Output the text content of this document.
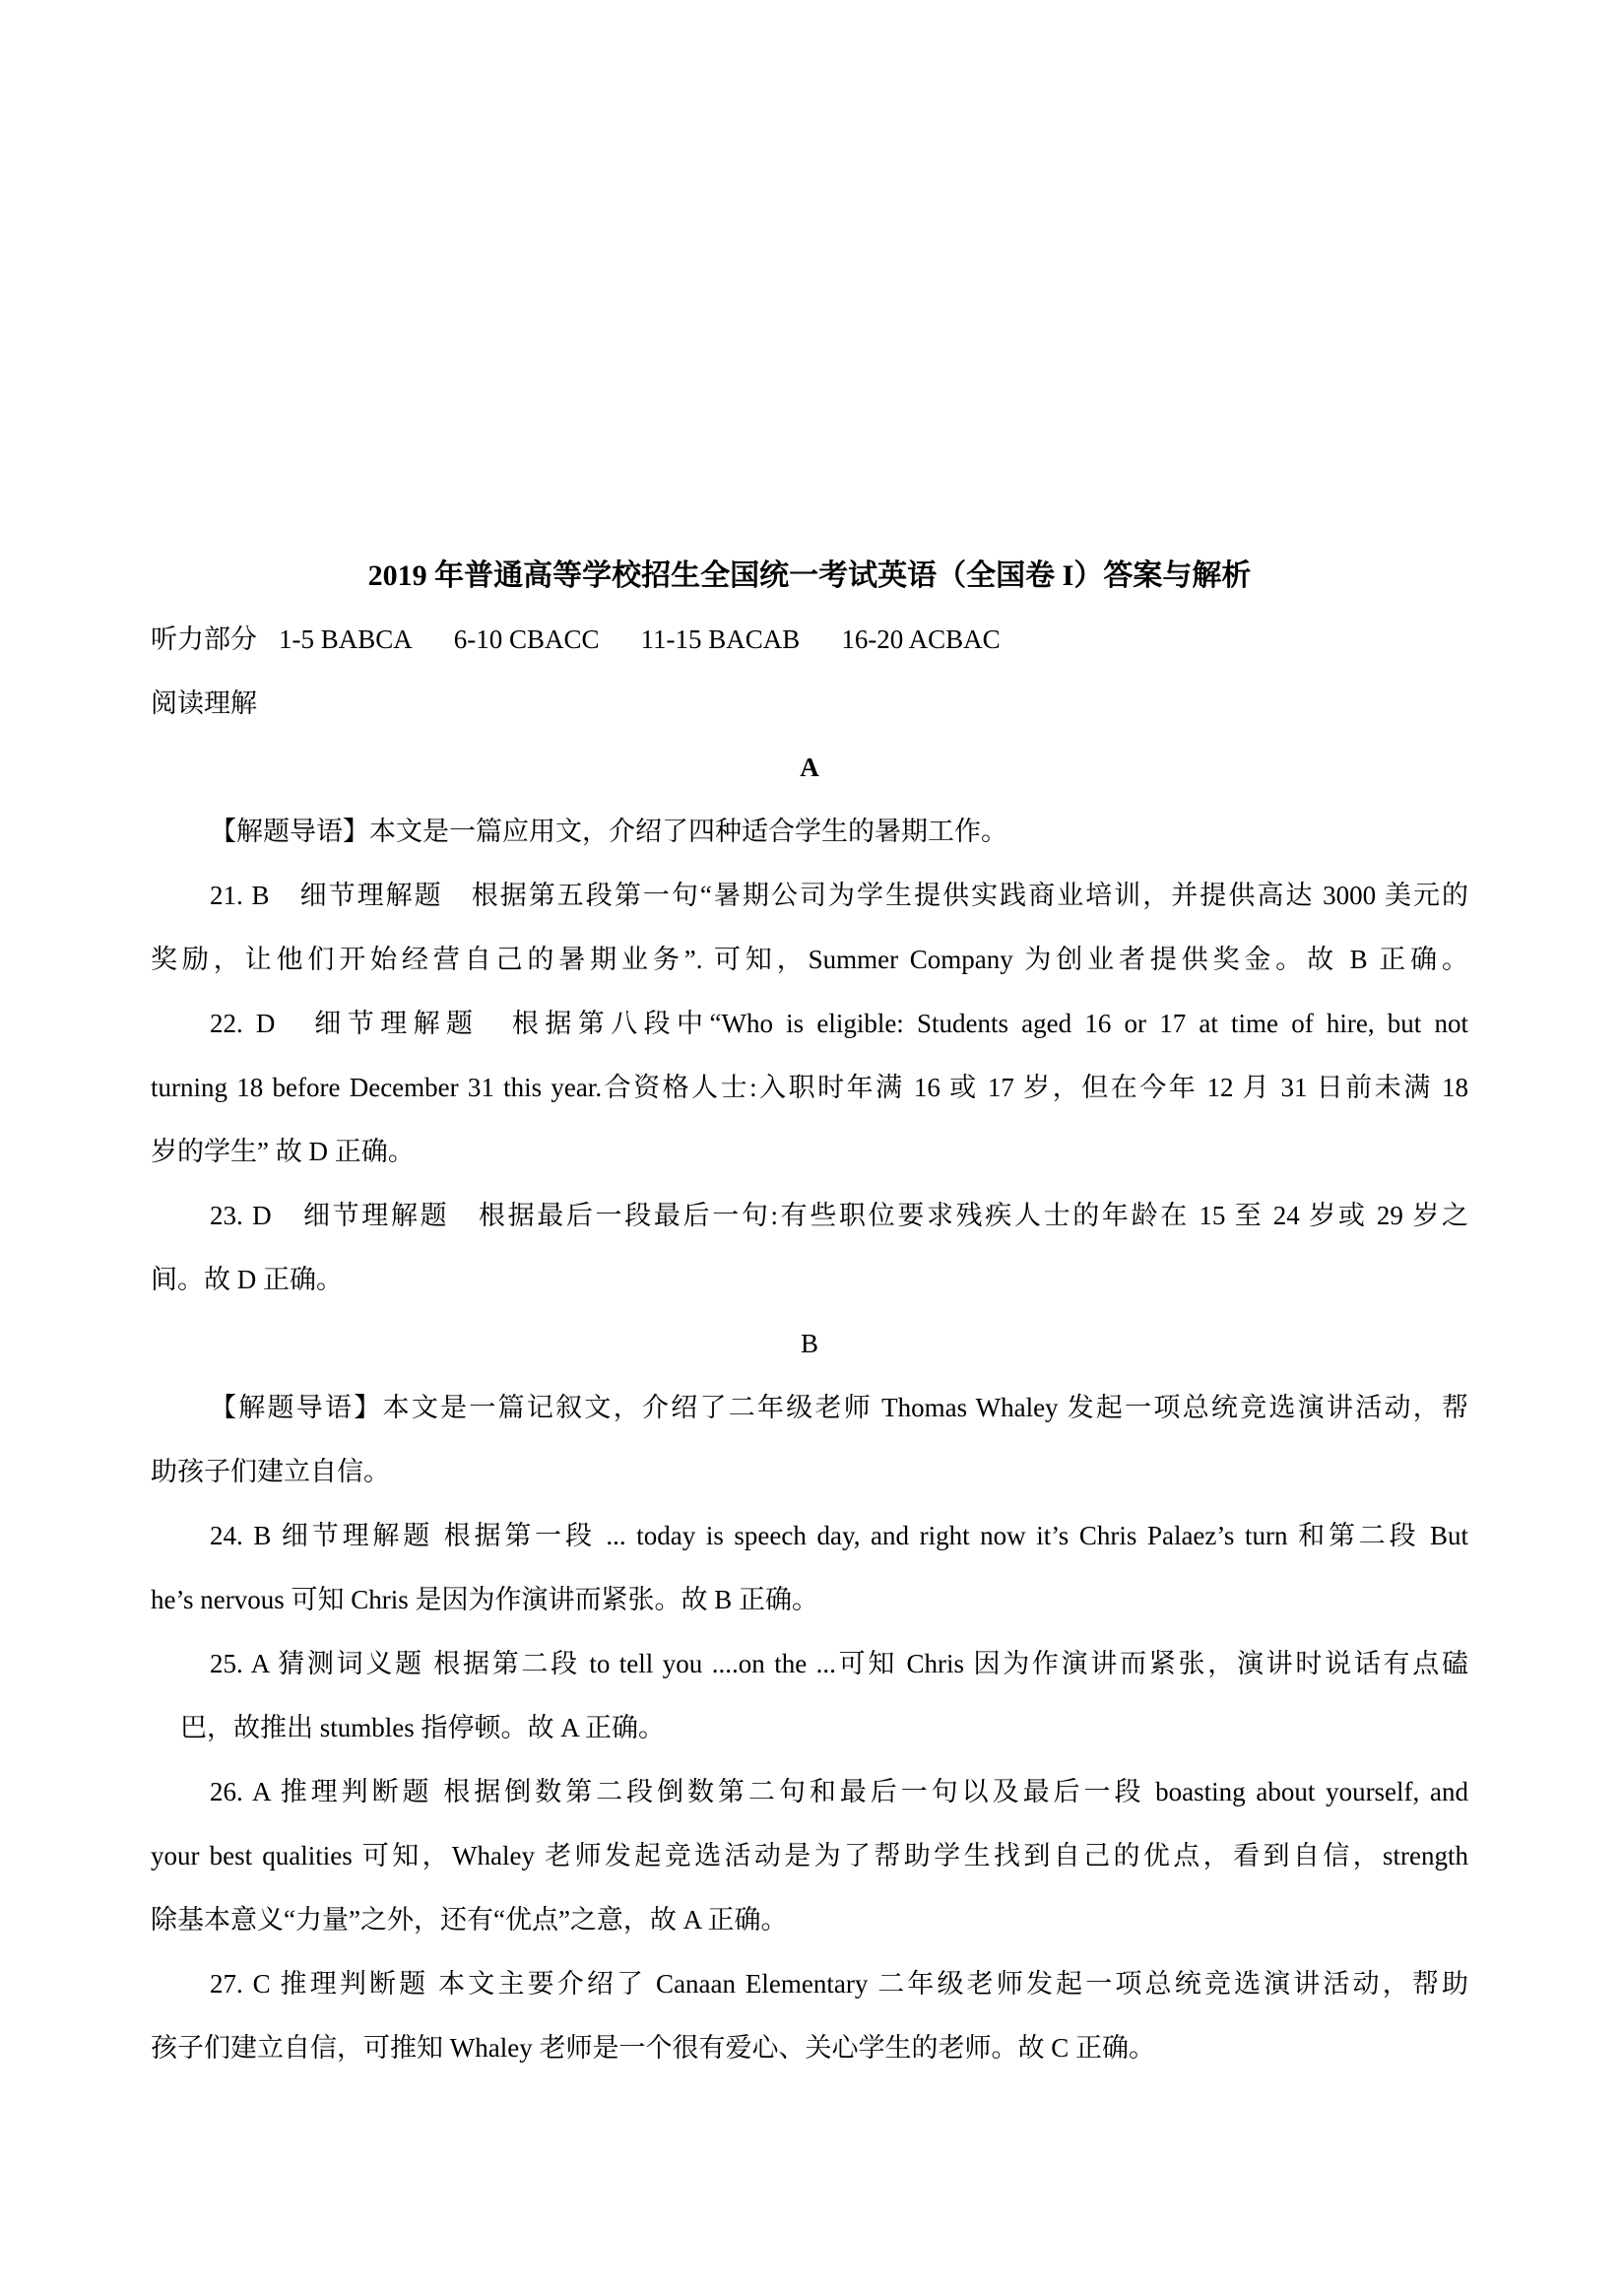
2019 年普通高等学校招生全国统一考试英语（全国卷 I）答案与解析
听力部分 1-5 BABCA 6-10 CBACC 11-15 BACAB 16-20 ACBAC
阅读理解
A
【解题导语】本文是一篇应用文，介绍了四种适合学生的暑期工作。
21. B　细节理解题　根据第五段第一句“暑期公司为学生提供实践商业培训，并提供高达 3000 美元的
奖励，让他们开始经营自己的暑期业务”. 可知，Summer Company 为创业者提供奖金。故 B 正确。
22. D　细节理解题　根据第八段中“Who is eligible: Students aged 16 or 17 at time of hire, but not
turning 18 before December 31 this year.合资格人士:入职时年满 16 或 17 岁，但在今年 12 月 31 日前未满 18
岁的学生” 故 D 正确。
23. D　细节理解题　根据最后一段最后一句:有些职位要求残疾人士的年龄在 15 至 24 岁或 29 岁之
间。故 D 正确。
B
【解题导语】本文是一篇记叙文，介绍了二年级老师 Thomas Whaley 发起一项总统竞选演讲活动，帮
助孩子们建立自信。
24. B 细节理解题 根据第一段 ... today is speech day, and right now it’s Chris Palaez’s turn 和第二段 But
he’s nervous 可知 Chris 是因为作演讲而紧张。故 B 正确。
25. A 猜测词义题 根据第二段 to tell you ....on the ...可知 Chris 因为作演讲而紧张，演讲时说话有点磕
巴，故推出 stumbles 指停顿。故 A 正确。
26. A 推理判断题 根据倒数第二段倒数第二句和最后一句以及最后一段 boasting about yourself, and
your best qualities 可知，Whaley 老师发起竞选活动是为了帮助学生找到自己的优点，看到自信，strength
除基本意义“力量”之外，还有“优点”之意，故 A 正确。
27. C 推理判断题 本文主要介绍了 Canaan Elementary 二年级老师发起一项总统竞选演讲活动，帮助
孩子们建立自信，可推知 Whaley 老师是一个很有爱心、关心学生的老师。故 C 正确。
